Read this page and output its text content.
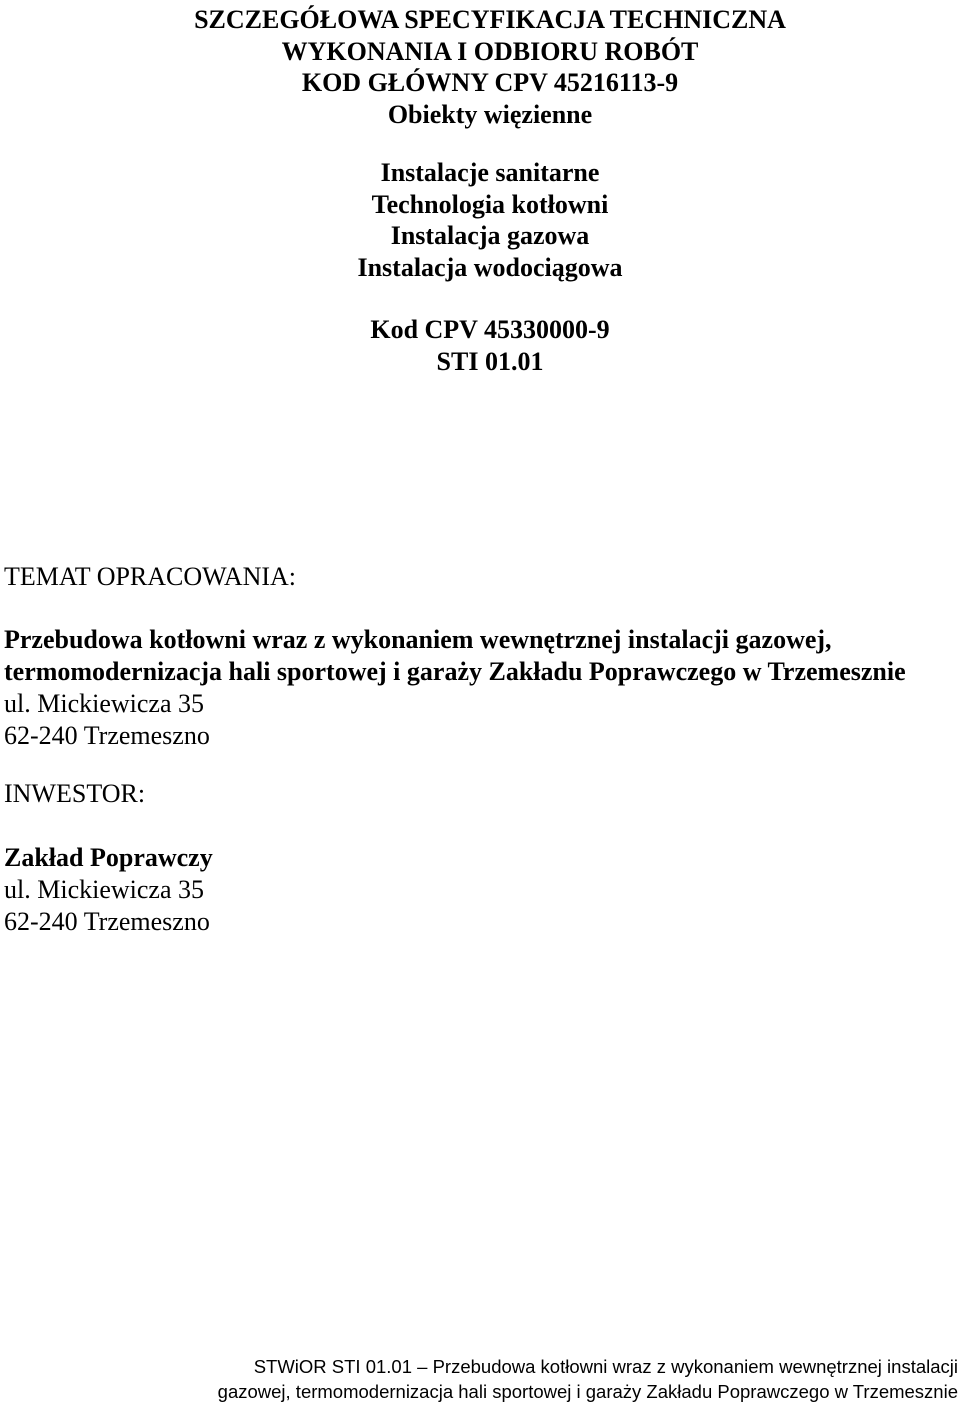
SZCZEGÓŁOWA SPECYFIKACJA TECHNICZNA
WYKONANIA I ODBIORU ROBÓT
KOD GŁÓWNY CPV 45216113-9
Obiekty więzienne
Instalacje sanitarne
Technologia kotłowni
Instalacja gazowa
Instalacja wodociągowa
Kod CPV 45330000-9
STI 01.01
TEMAT OPRACOWANIA:
Przebudowa kotłowni wraz z wykonaniem wewnętrznej instalacji gazowej,
termomodernizacja hali sportowej i garaży Zakładu Poprawczego w Trzemesznie
ul. Mickiewicza 35
62-240 Trzemeszno
INWESTOR:
Zakład Poprawczy
ul. Mickiewicza 35
62-240 Trzemeszno
STWiOR STI 01.01 – Przebudowa kotłowni wraz z wykonaniem wewnętrznej instalacji
gazowej, termomodernizacja hali sportowej i garaży Zakładu Poprawczego w Trzemesznie
